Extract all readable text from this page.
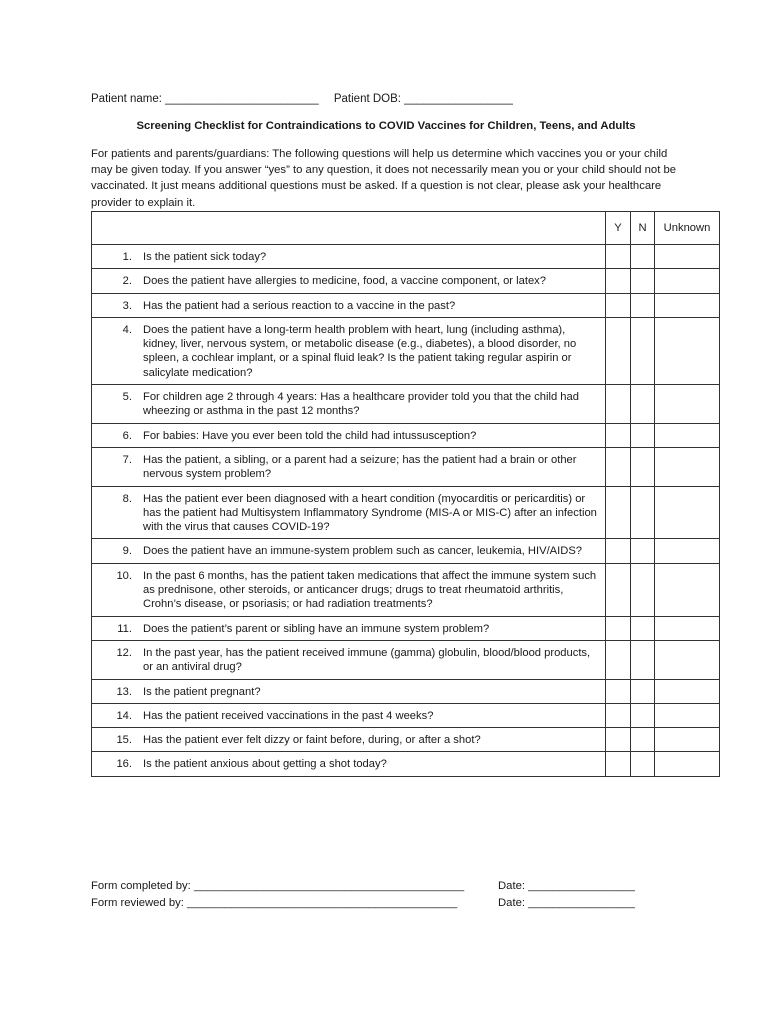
Patient name: ________________________ Patient DOB: _________________
Screening Checklist for Contraindications to COVID Vaccines for Children, Teens, and Adults
For patients and parents/guardians: The following questions will help us determine which vaccines you or your child may be given today. If you answer “yes” to any question, it does not necessarily mean you or your child should not be vaccinated. It just means additional questions must be asked. If a question is not clear, please ask your healthcare provider to explain it.
	Y	N	Unknown

1. Is the patient sick today?			

2. Does the patient have allergies to medicine, food, a vaccine component, or latex?			

3. Has the patient had a serious reaction to a vaccine in the past?			

4. Does the patient have a long-term health problem with heart, lung (including asthma), kidney, liver, nervous system, or metabolic disease (e.g., diabetes), a blood disorder, no spleen, a cochlear implant, or a spinal fluid leak? Is the patient taking regular aspirin or salicylate medication?			

5. For children age 2 through 4 years: Has a healthcare provider told you that the child had wheezing or asthma in the past 12 months?			

6. For babies: Have you ever been told the child had intussusception?			

7. Has the patient, a sibling, or a parent had a seizure; has the patient had a brain or other nervous system problem?			

8. Has the patient ever been diagnosed with a heart condition (myocarditis or pericarditis) or has the patient had Multisystem Inflammatory Syndrome (MIS-A or MIS-C) after an infection with the virus that causes COVID-19?			

9. Does the patient have an immune-system problem such as cancer, leukemia, HIV/AIDS?			

10. In the past 6 months, has the patient taken medications that affect the immune system such as prednisone, other steroids, or anticancer drugs; drugs to treat rheumatoid arthritis, Crohn’s disease, or psoriasis; or had radiation treatments?			

11. Does the patient’s parent or sibling have an immune system problem?			

12. In the past year, has the patient received immune (gamma) globulin, blood/blood products, or an antiviral drug?			

13. Is the patient pregnant?			

14. Has the patient received vaccinations in the past 4 weeks?			

15. Has the patient ever felt dizzy or faint before, during, or after a shot?			

16. Is the patient anxious about getting a shot today?			

Form completed by: ___________________________________________	Date: _________________
Form reviewed by: ___________________________________________	Date: _________________
